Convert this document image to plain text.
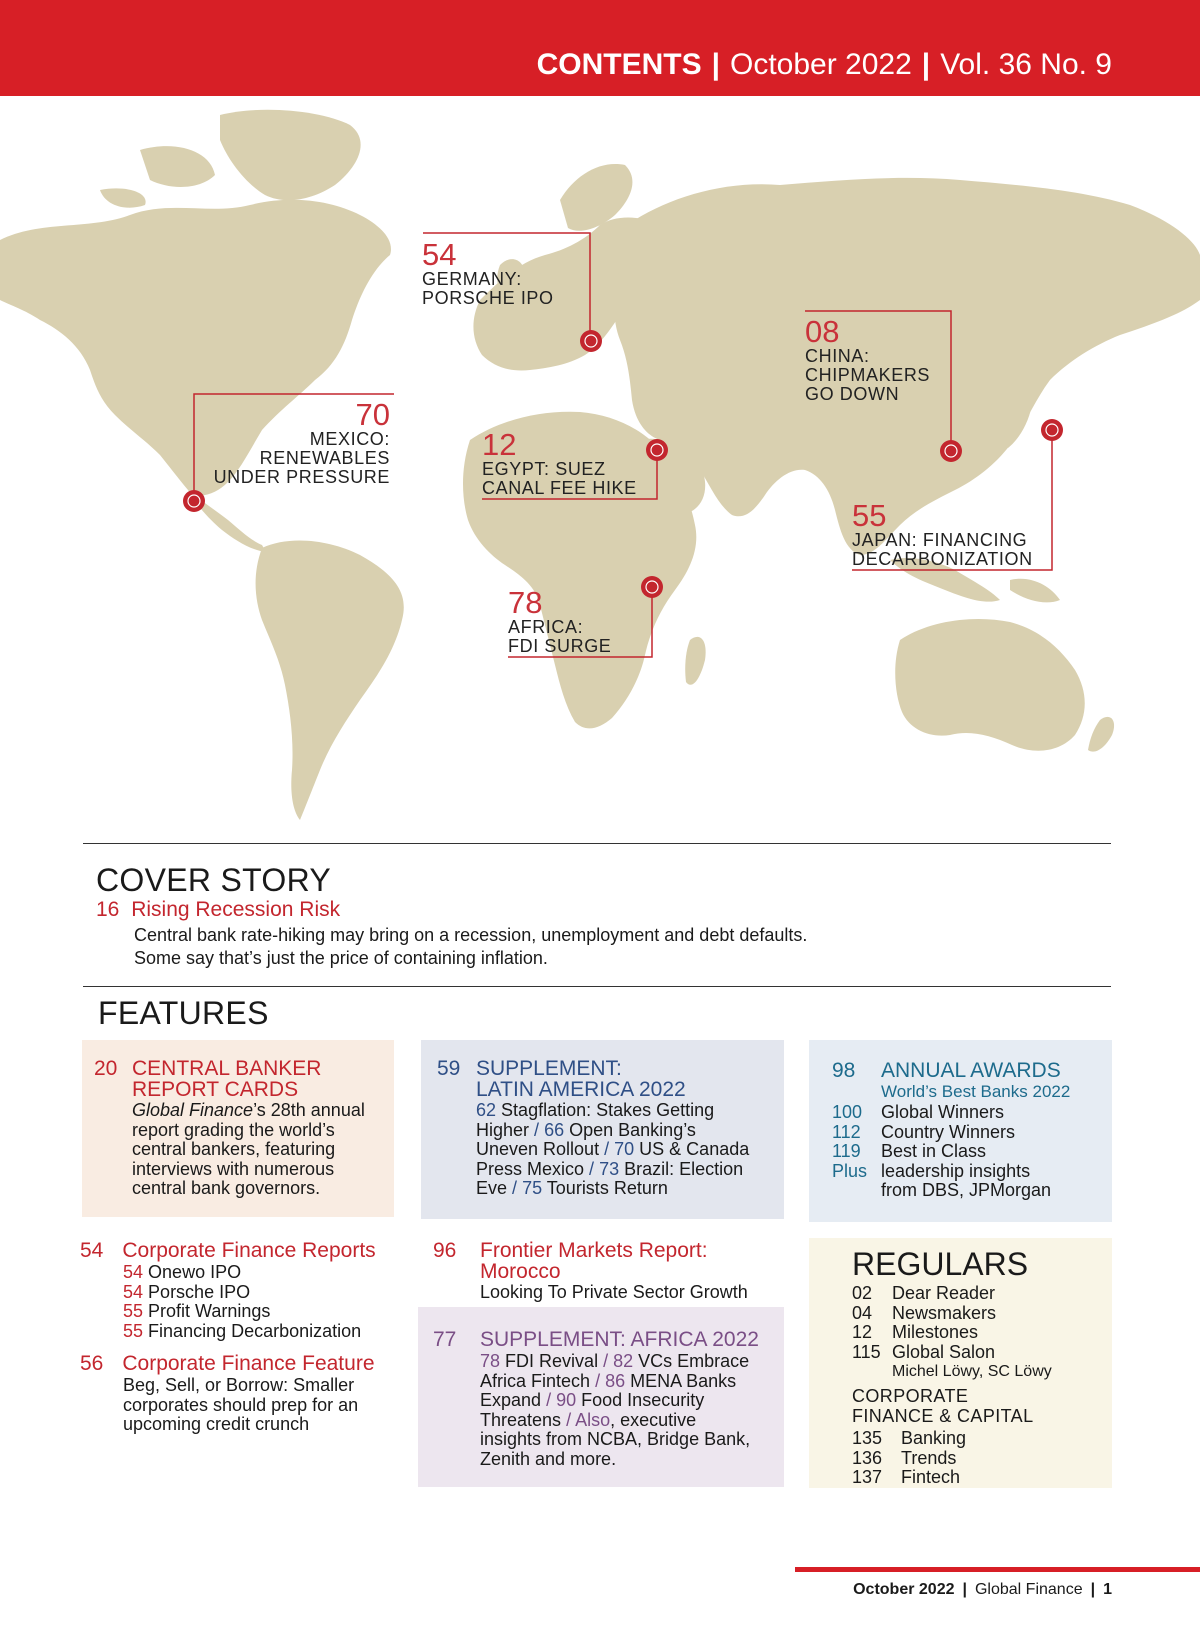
CONTENTS | October 2022 | Vol. 36 No. 9
54
GERMANY:
PORSCHE IPO
08
CHINA:
CHIPMAKERS
GO DOWN
70
MEXICO:
RENEWABLES
UNDER PRESSURE
12
EGYPT: SUEZ
CANAL FEE HIKE
55
JAPAN: FINANCING
DECARBONIZATION
78
AFRICA:
FDI SURGE
COVER STORY
16 Rising Recession Risk
Central bank rate-hiking may bring on a recession, unemployment and debt defaults.
Some say that’s just the price of containing inflation.
FEATURES
20 CENTRAL BANKER
REPORT CARDS
Global Finance’s 28th annual
report grading the world’s
central bankers, featuring
interviews with numerous
central bank governors.
59 SUPPLEMENT:
LATIN AMERICA 2022
62 Stagflation: Stakes Getting
Higher / 66 Open Banking’s
Uneven Rollout / 70 US & Canada
Press Mexico / 73 Brazil: Election
Eve / 75 Tourists Return
98 ANNUAL AWARDS
World’s Best Banks 2022
100	Global Winners
112	Country Winners
119	Best in Class
Plus leadership insights
from DBS, JPMorgan
54 Corporate Finance Reports
54 Onewo IPO
54 Porsche IPO
55 Profit Warnings
55 Financing Decarbonization
56 Corporate Finance Feature
Beg, Sell, or Borrow: Smaller
corporates should prep for an
upcoming credit crunch
96 Frontier Markets Report:
Morocco
Looking To Private Sector Growth
77 SUPPLEMENT: AFRICA 2022
78 FDI Revival / 82 VCs Embrace
Africa Fintech / 86 MENA Banks
Expand / 90 Food Insecurity
Threatens / Also, executive
insights from NCBA, Bridge Bank,
Zenith and more.
REGULARS
02	Dear Reader
04	Newsmakers
12	Milestones
115 Global Salon
Michel Löwy, SC Löwy
CORPORATE
FINANCE & CAPITAL
135	Banking
136	Trends
137	Fintech
October 2022 | Global Finance | 1
